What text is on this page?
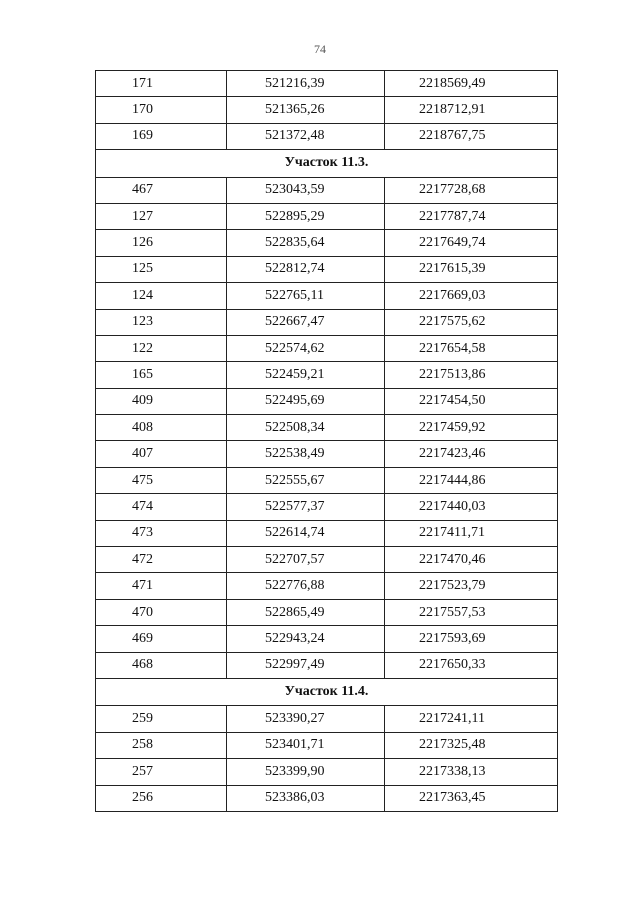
74
171	521216,39	2218569,49
170	521365,26	2218712,91
169	521372,48	2218767,75
Участок 11.3.		
467	523043,59	2217728,68
127	522895,29	2217787,74
126	522835,64	2217649,74
125	522812,74	2217615,39
124	522765,11	2217669,03
123	522667,47	2217575,62
122	522574,62	2217654,58
165	522459,21	2217513,86
409	522495,69	2217454,50
408	522508,34	2217459,92
407	522538,49	2217423,46
475	522555,67	2217444,86
474	522577,37	2217440,03
473	522614,74	2217411,71
472	522707,57	2217470,46
471	522776,88	2217523,79
470	522865,49	2217557,53
469	522943,24	2217593,69
468	522997,49	2217650,33
Участок 11.4.		
259	523390,27	2217241,11
258	523401,71	2217325,48
257	523399,90	2217338,13
256	523386,03	2217363,45
